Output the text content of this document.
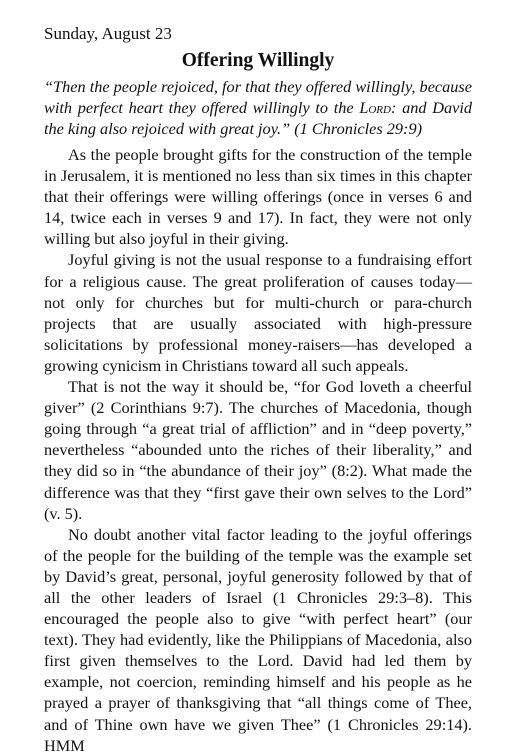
Sunday, August 23
Offering Willingly
“Then the people rejoiced, for that they offered willingly, because with perfect heart they offered willingly to the Lord: and David the king also rejoiced with great joy.” (1 Chronicles 29:9)

As the people brought gifts for the construction of the temple in Jerusalem, it is mentioned no less than six times in this chapter that their offerings were willing offerings (once in verses 6 and 14, twice each in verses 9 and 17). In fact, they were not only willing but also joyful in their giving.

Joyful giving is not the usual response to a fundraising effort for a religious cause. The great proliferation of causes today—not only for churches but for multi-church or para-church projects that are usually associated with high-pressure solicitations by professional money-raisers—has developed a growing cynicism in Christians toward all such appeals.

That is not the way it should be, “for God loveth a cheerful giver” (2 Corinthians 9:7). The churches of Macedonia, though going through “a great trial of affliction” and in “deep poverty,” nevertheless “abounded unto the riches of their liberality,” and they did so in “the abundance of their joy” (8:2). What made the difference was that they “first gave their own selves to the Lord” (v. 5).

No doubt another vital factor leading to the joyful offerings of the people for the building of the temple was the example set by David’s great, personal, joyful generosity followed by that of all the other leaders of Israel (1 Chronicles 29:3–8). This encouraged the people also to give “with perfect heart” (our text). They had evidently, like the Philippians of Macedonia, also first given themselves to the Lord. David had led them by example, not coercion, reminding himself and his people as he prayed a prayer of thanksgiving that “all things come of Thee, and of Thine own have we given Thee” (1 Chronicles 29:14). HMM
